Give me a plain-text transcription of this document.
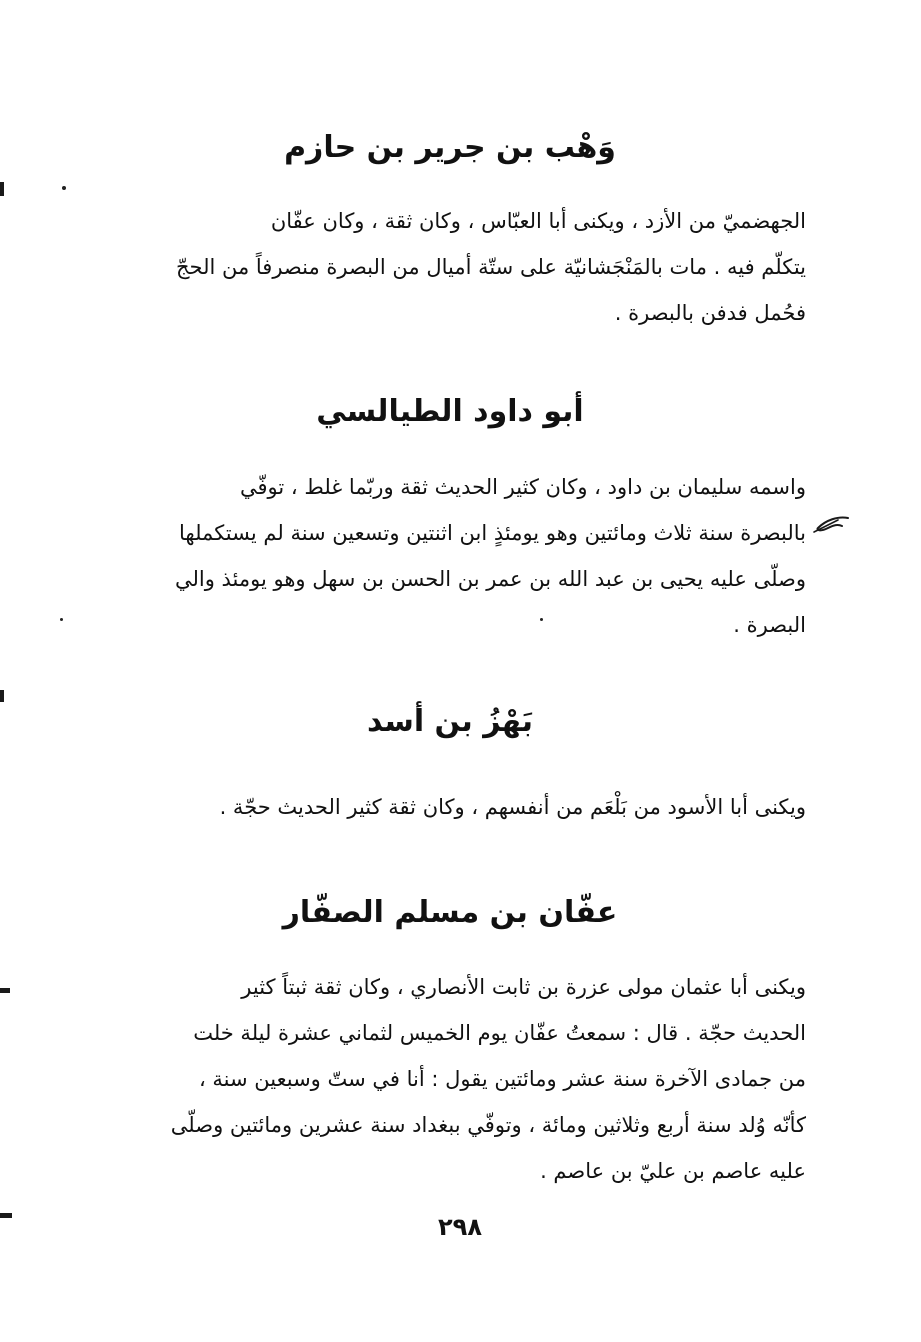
وَهْب بن جرير بن حازم
الجهضميّ من الأزد ، ويكنى أبا العبّاس ، وكان ثقة ، وكان عفّان
يتكلّم فيه . مات بالمَنْجَشانيّة على ستّة أميال من البصرة منصرفاً من الحجّ
فحُمل فدفن بالبصرة .
أبو داود الطيالسي
واسمه سليمان بن داود ، وكان كثير الحديث ثقة وربّما غلط ، توفّي
بالبصرة سنة ثلاث ومائتين وهو يومئذٍ ابن اثنتين وتسعين سنة لم يستكملها
وصلّى عليه يحيى بن عبد الله بن عمر بن الحسن بن سهل وهو يومئذ والي
البصرة .
بَهْزُ بن أسد
ويكنى أبا الأسود من بَلْعَم من أنفسهم ، وكان ثقة كثير الحديث حجّة .
عفّان بن مسلم الصفّار
ويكنى أبا عثمان مولى عزرة بن ثابت الأنصاري ، وكان ثقة ثبتاً كثير
الحديث حجّة . قال : سمعتُ عفّان يوم الخميس لثماني عشرة ليلة خلت
من جمادى الآخرة سنة عشر ومائتين يقول : أنا في ستّ وسبعين سنة ،
كأنّه وُلد سنة أربع وثلاثين ومائة ، وتوفّي ببغداد سنة عشرين ومائتين وصلّى
عليه عاصم بن عليّ بن عاصم .
٢٩٨
